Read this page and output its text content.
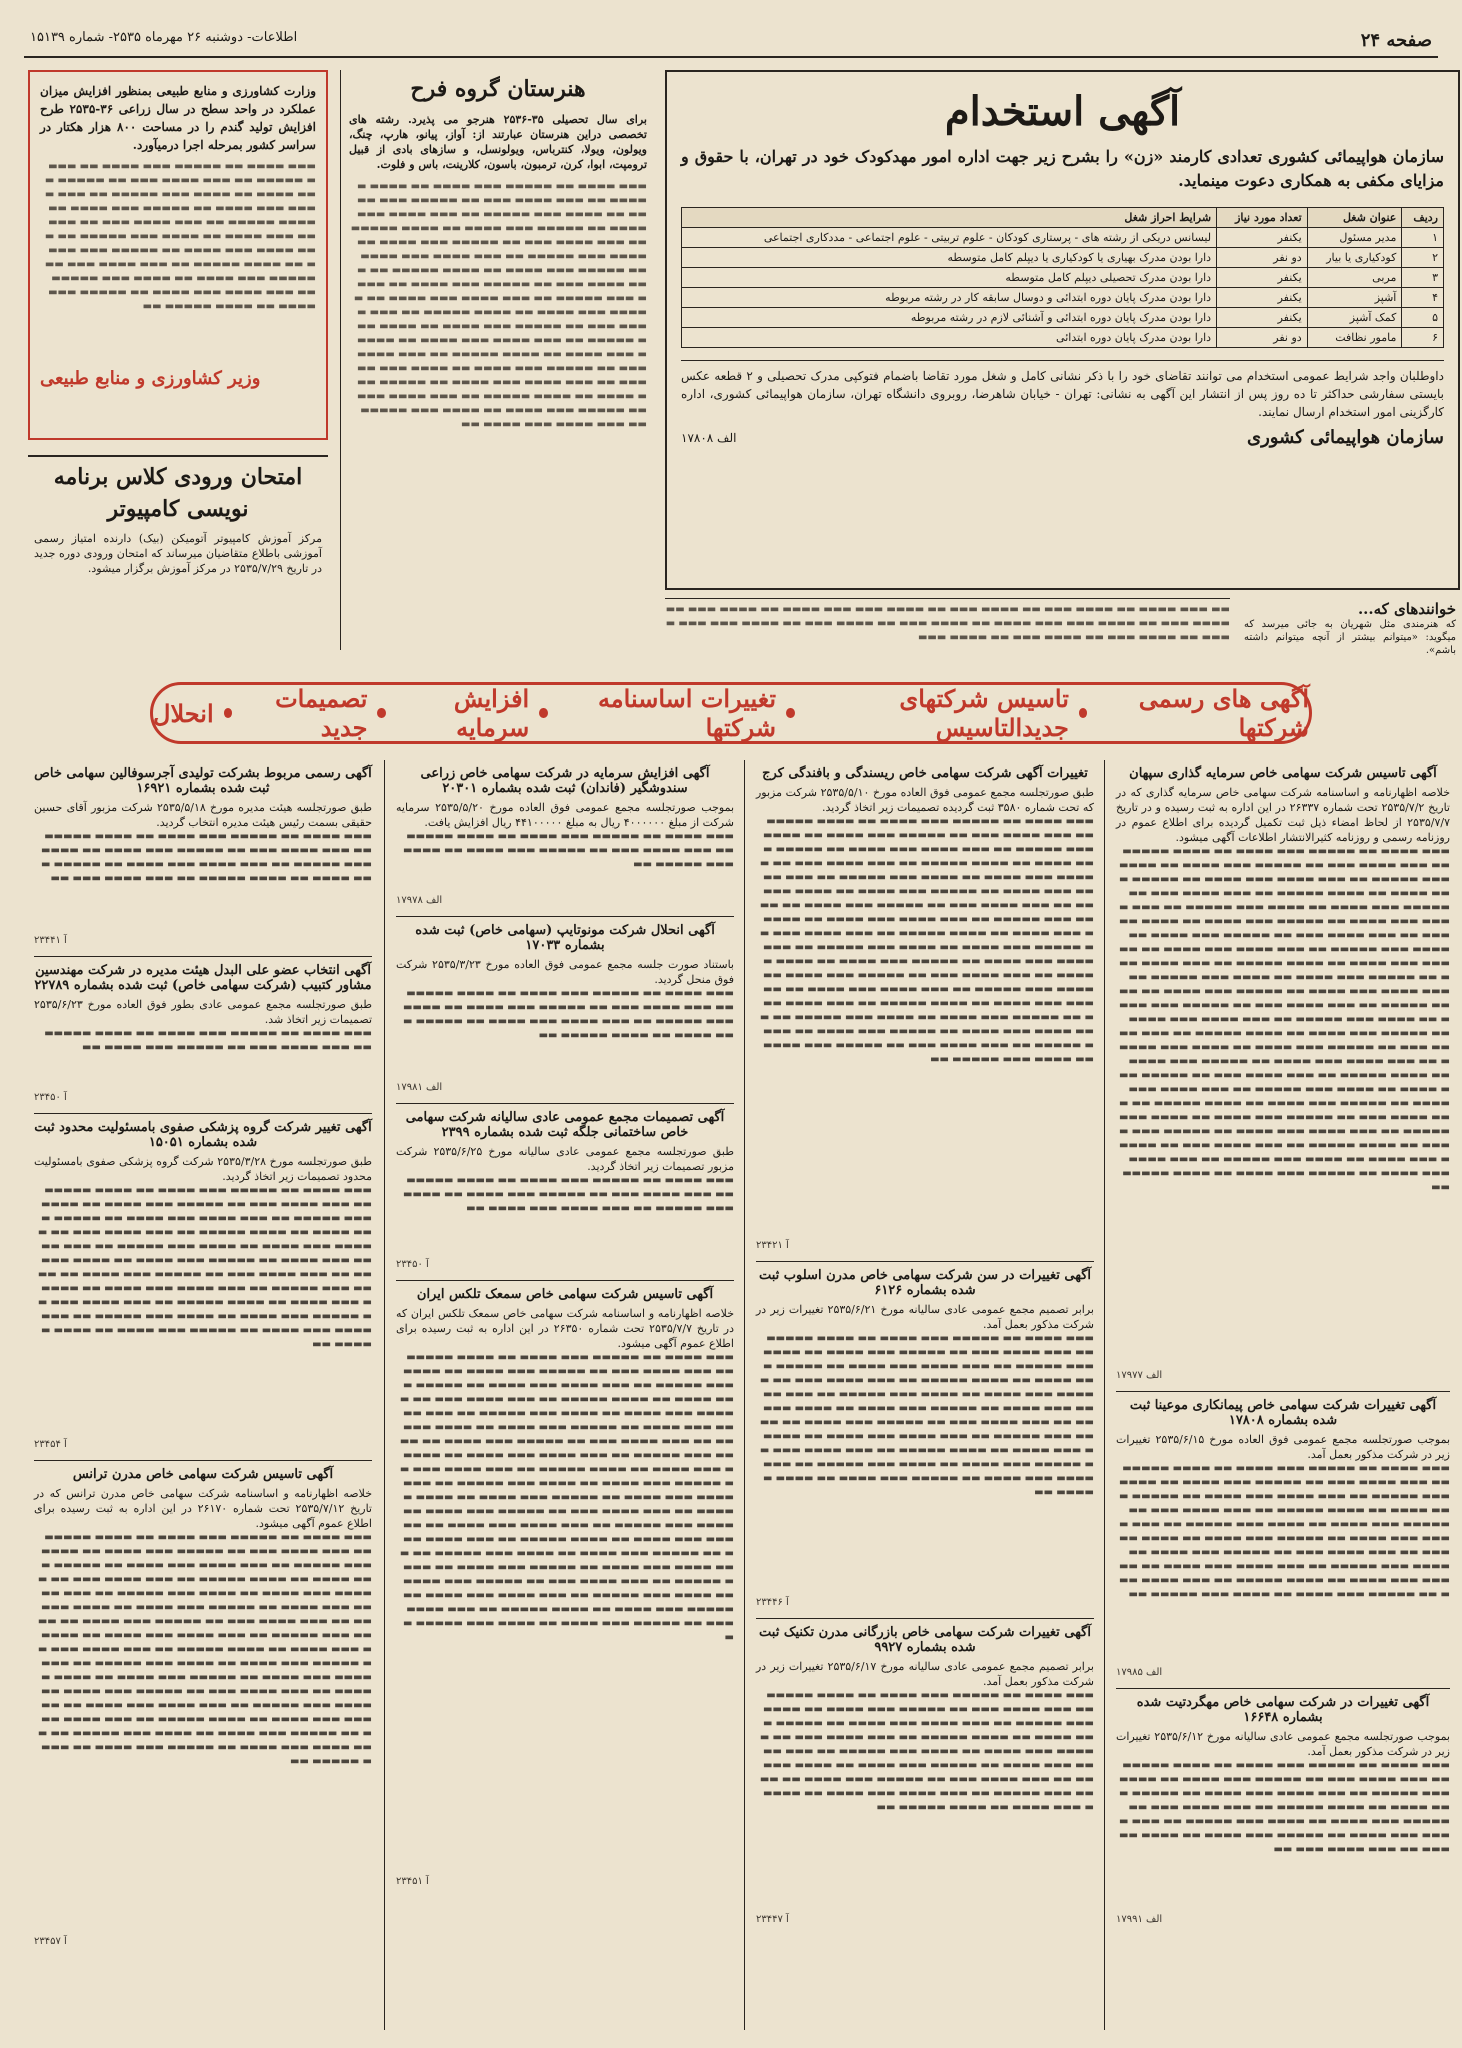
صفحه ۲۴
اطلاعات- دوشنبه ۲۶ مهرماه ۲۵۳۵- شماره ۱۵۱۳۹
آگهی استخدام
سازمان هواپیمائی کشوری تعدادی کارمند «زن» را بشرح زیر جهت اداره امور مهدکودک خود در تهران، با حقوق و مزایای مکفی به همکاری دعوت مینماید.
ردیف	عنوان شغل	تعداد مورد نیاز	شرایط احراز شغل
۱	مدیر مسئول	یکنفر	لیسانس دریکی از رشته های - پرستاری کودکان - علوم تربیتی - علوم اجتماعی - مددکاری اجتماعی
۲	کودکیاری یا بیار	دو نفر	دارا بودن مدرک بهیاری یا کودکیاری یا دیپلم کامل متوسطه
۳	مربی	یکنفر	دارا بودن مدرک تحصیلی دیپلم کامل متوسطه
۴	آشپز	یکنفر	دارا بودن مدرک پایان دوره ابتدائی و دوسال سابقه کار در رشته مربوطه
۵	کمک آشپز	یکنفر	دارا بودن مدرک پایان دوره ابتدائی و آشنائی لازم در رشته مربوطه
۶	مامور نظافت	دو نفر	دارا بودن مدرک پایان دوره ابتدائی
داوطلبان واجد شرایط عمومی استخدام می توانند تقاضای خود را با ذکر نشانی کامل و شغل مورد تقاضا باضمام فتوکپی مدرک تحصیلی و ۲ قطعه عکس بایستی سفارشی حداکثر تا ده روز پس از انتشار این آگهی به نشانی: تهران - خیابان شاهرضا، روبروی دانشگاه تهران، سازمان هواپیمائی کشوری، اداره کارگزینی امور استخدام ارسال نمایند.
سازمان هواپیمائی کشوری
الف ۱۷۸۰۸
هنرستان گروه فرح
برای سال تحصیلی ۳۵-۲۵۳۶ هنرجو می پذیرد. رشته های تخصصی دراین هنرستان عبارتند از: آواز، پیانو، هارپ، چنگ، ویولون، ویولا، کنترباس، ویولونسل، و سازهای بادی از قبیل ترومپت، ابوا، کرن، ترمبون، باسون، کلارینت، باس و فلوت.
▬▬▬ ▬▬▬▬ ▬▬ ▬▬▬▬▬ ▬▬▬ ▬▬▬▬ ▬▬ ▬▬▬▬ ▬▬▬▬▬ ▬▬ ▬▬▬ ▬▬▬▬ ▬▬▬ ▬▬ ▬▬▬▬▬ ▬▬▬ ▬▬▬▬ ▬▬ ▬▬▬▬ ▬▬▬ ▬▬▬▬▬ ▬▬ ▬▬▬ ▬▬▬▬ ▬▬▬ ▬▬▬▬ ▬▬ ▬▬▬▬▬ ▬▬▬ ▬▬▬▬ ▬▬ ▬▬▬▬ ▬▬▬▬▬ ▬▬ ▬▬▬ ▬▬▬▬ ▬▬▬ ▬▬ ▬▬▬▬▬ ▬▬▬ ▬▬▬▬ ▬▬ ▬▬▬▬ ▬▬▬ ▬▬▬▬▬ ▬▬ ▬▬▬ ▬▬▬▬ ▬▬▬ ▬▬▬▬ ▬▬ ▬▬▬▬▬ ▬▬▬ ▬▬▬▬ ▬▬ ▬▬▬▬ ▬▬▬▬▬ ▬▬ ▬▬▬ ▬▬▬▬ ▬▬▬ ▬▬ ▬▬▬▬▬ ▬▬▬ ▬▬▬▬ ▬▬ ▬▬▬▬ ▬▬▬ ▬▬▬▬▬ ▬▬ ▬▬▬ ▬▬▬▬ ▬▬▬ ▬▬▬▬ ▬▬ ▬▬▬▬▬ ▬▬▬ ▬▬▬▬ ▬▬ ▬▬▬▬ ▬▬▬▬▬ ▬▬ ▬▬▬ ▬▬▬▬ ▬▬▬ ▬▬ ▬▬▬▬▬ ▬▬▬ ▬▬▬▬ ▬▬ ▬▬▬▬ ▬▬▬ ▬▬▬▬▬ ▬▬ ▬▬▬ ▬▬▬▬ ▬▬▬ ▬▬▬▬ ▬▬ ▬▬▬▬▬ ▬▬▬ ▬▬▬▬ ▬▬ ▬▬▬▬ ▬▬▬▬▬ ▬▬ ▬▬▬ ▬▬▬▬ ▬▬▬ ▬▬ ▬▬▬▬▬ ▬▬▬ ▬▬▬▬ ▬▬ ▬▬▬▬ ▬▬▬ ▬▬▬▬▬ ▬▬ ▬▬▬ ▬▬▬▬ ▬▬▬ ▬▬▬▬ ▬▬ ▬▬▬▬▬ ▬▬▬ ▬▬▬▬ ▬▬ ▬▬▬▬ ▬▬▬▬▬ ▬▬ ▬▬▬ ▬▬▬▬ ▬▬▬ ▬▬ ▬▬▬▬▬ ▬▬▬ ▬▬▬▬ ▬▬ ▬▬▬▬ ▬▬▬ ▬▬▬▬▬ ▬▬ ▬▬▬ ▬▬▬▬ ▬▬▬ ▬▬▬▬ ▬▬
وزارت کشاورزی و منابع طبیعی بمنظور افزایش میزان عملکرد در واحد سطح در سال زراعی ۳۶-۲۵۳۵ طرح افزایش تولید گندم را در مساحت ۸۰۰ هزار هکتار در سراسر کشور بمرحله اجرا درمیآورد.
▬▬▬ ▬▬▬▬ ▬▬ ▬▬▬▬▬ ▬▬▬ ▬▬▬▬ ▬▬ ▬▬▬▬ ▬▬▬▬▬ ▬▬ ▬▬▬ ▬▬▬▬ ▬▬▬ ▬▬ ▬▬▬▬▬ ▬▬▬ ▬▬▬▬ ▬▬ ▬▬▬▬ ▬▬▬ ▬▬▬▬▬ ▬▬ ▬▬▬ ▬▬▬▬ ▬▬▬ ▬▬▬▬ ▬▬ ▬▬▬▬▬ ▬▬▬ ▬▬▬▬ ▬▬ ▬▬▬▬ ▬▬▬▬▬ ▬▬ ▬▬▬ ▬▬▬▬ ▬▬▬ ▬▬ ▬▬▬▬▬ ▬▬▬ ▬▬▬▬ ▬▬ ▬▬▬▬ ▬▬▬ ▬▬▬▬▬ ▬▬ ▬▬▬ ▬▬▬▬ ▬▬▬ ▬▬▬▬ ▬▬ ▬▬▬▬▬ ▬▬▬ ▬▬▬▬ ▬▬ ▬▬▬▬ ▬▬▬▬▬ ▬▬ ▬▬▬ ▬▬▬▬ ▬▬▬ ▬▬ ▬▬▬▬▬ ▬▬▬ ▬▬▬▬ ▬▬ ▬▬▬▬ ▬▬▬ ▬▬▬▬▬ ▬▬ ▬▬▬ ▬▬▬▬ ▬▬▬ ▬▬▬▬ ▬▬ ▬▬▬▬▬ ▬▬▬ ▬▬▬▬ ▬▬ ▬▬▬▬ ▬▬▬▬▬ ▬▬
وزیر کشاورزی و منابع طبیعی
امتحان ورودی کلاس برنامه نویسی کامپیوتر
مرکز آموزش کامپیوتر آتومیکن (بیک) دارنده امتیاز رسمی آموزشی باطلاع متقاضیان میرساند که امتحان ورودی دوره جدید در تاریخ ۲۵۳۵/۷/۲۹ در مرکز آموزش برگزار میشود.
خوانندهای که...
که هنرمندی مثل شهریان به جائی میرسد که میگوید: «میتوانم بیشتر از آنچه میتوانم داشته باشم».
▬▬ ▬▬▬ ▬▬▬▬ ▬▬ ▬▬▬▬ ▬▬▬ ▬▬ ▬▬▬▬ ▬▬▬ ▬▬ ▬▬▬▬ ▬▬▬ ▬▬▬ ▬▬▬▬ ▬▬ ▬▬▬▬ ▬▬▬ ▬▬ ▬▬▬▬ ▬▬▬ ▬▬ ▬▬▬▬ ▬▬▬ ▬▬▬ ▬▬▬▬ ▬▬ ▬▬▬▬ ▬▬▬ ▬▬ ▬▬▬▬ ▬▬▬ ▬▬ ▬▬▬▬ ▬▬▬ ▬▬▬ ▬▬▬▬ ▬▬ ▬▬▬▬ ▬▬▬ ▬▬ ▬▬▬▬ ▬▬▬ ▬▬ ▬▬▬▬ ▬▬▬
آگهی های رسمی شرکتها
تاسیس شرکتهای جدیدالتاسیس
تغییرات اساسنامه شرکتها
افزایش سرمایه
تصمیمات جدید
انحلال
آگهی تاسیس شرکت سهامی خاص سرمایه گذاری سپهان
خلاصه اظهارنامه و اساسنامه شرکت سهامی خاص سرمایه گذاری که در تاریخ ۲۵۳۵/۷/۲ تحت شماره ۲۶۳۳۷ در این اداره به ثبت رسیده و در تاریخ ۲۵۳۵/۷/۷ از لحاظ امضاء ذیل ثبت تکمیل گردیده برای اطلاع عموم در روزنامه رسمی و روزنامه کثیرالانتشار اطلاعات آگهی میشود.
▬▬▬ ▬▬▬▬ ▬▬ ▬▬▬▬▬ ▬▬▬ ▬▬▬▬ ▬▬ ▬▬▬▬ ▬▬▬▬▬ ▬▬ ▬▬▬ ▬▬▬▬ ▬▬▬ ▬▬ ▬▬▬▬▬ ▬▬▬ ▬▬▬▬ ▬▬ ▬▬▬▬ ▬▬▬ ▬▬▬▬▬ ▬▬ ▬▬▬ ▬▬▬▬ ▬▬▬ ▬▬▬▬ ▬▬ ▬▬▬▬▬ ▬▬▬ ▬▬▬▬ ▬▬ ▬▬▬▬ ▬▬▬▬▬ ▬▬ ▬▬▬ ▬▬▬▬ ▬▬▬ ▬▬ ▬▬▬▬▬ ▬▬▬ ▬▬▬▬ ▬▬ ▬▬▬▬ ▬▬▬ ▬▬▬▬▬ ▬▬ ▬▬▬ ▬▬▬▬ ▬▬▬ ▬▬▬▬ ▬▬ ▬▬▬▬▬ ▬▬▬ ▬▬▬▬ ▬▬ ▬▬▬▬ ▬▬▬▬▬ ▬▬ ▬▬▬ ▬▬▬▬ ▬▬▬ ▬▬ ▬▬▬▬▬ ▬▬▬ ▬▬▬▬ ▬▬ ▬▬▬▬ ▬▬▬ ▬▬▬▬▬ ▬▬ ▬▬▬ ▬▬▬▬ ▬▬▬ ▬▬▬▬ ▬▬ ▬▬▬▬▬ ▬▬▬ ▬▬▬▬ ▬▬ ▬▬▬▬ ▬▬▬▬▬ ▬▬ ▬▬▬ ▬▬▬▬ ▬▬▬ ▬▬ ▬▬▬▬▬ ▬▬▬ ▬▬▬▬ ▬▬ ▬▬▬▬ ▬▬▬ ▬▬▬▬▬ ▬▬ ▬▬▬ ▬▬▬▬ ▬▬▬ ▬▬▬▬ ▬▬ ▬▬▬▬▬ ▬▬▬ ▬▬▬▬ ▬▬ ▬▬▬▬ ▬▬▬▬▬ ▬▬ ▬▬▬ ▬▬▬▬ ▬▬▬ ▬▬ ▬▬▬▬▬ ▬▬▬ ▬▬▬▬ ▬▬ ▬▬▬▬ ▬▬▬ ▬▬▬▬▬ ▬▬ ▬▬▬ ▬▬▬▬ ▬▬▬ ▬▬▬▬ ▬▬ ▬▬▬▬▬ ▬▬▬ ▬▬▬▬ ▬▬ ▬▬▬▬ ▬▬▬▬▬ ▬▬ ▬▬▬ ▬▬▬▬ ▬▬▬ ▬▬ ▬▬▬▬▬ ▬▬▬ ▬▬▬▬ ▬▬ ▬▬▬▬ ▬▬▬ ▬▬▬▬▬ ▬▬ ▬▬▬ ▬▬▬▬ ▬▬▬ ▬▬▬▬ ▬▬ ▬▬▬▬▬ ▬▬▬ ▬▬▬▬ ▬▬ ▬▬▬▬ ▬▬▬▬▬ ▬▬ ▬▬▬ ▬▬▬▬ ▬▬▬ ▬▬ ▬▬▬▬▬ ▬▬▬ ▬▬▬▬ ▬▬ ▬▬▬▬ ▬▬▬ ▬▬▬▬▬ ▬▬ ▬▬▬ ▬▬▬▬ ▬▬▬ ▬▬▬▬ ▬▬ ▬▬▬▬▬ ▬▬▬ ▬▬▬▬ ▬▬ ▬▬▬▬ ▬▬▬▬▬ ▬▬ ▬▬▬ ▬▬▬▬ ▬▬▬ ▬▬ ▬▬▬▬▬ ▬▬▬ ▬▬▬▬ ▬▬ ▬▬▬▬ ▬▬▬ ▬▬▬▬▬ ▬▬ ▬▬▬ ▬▬▬▬ ▬▬▬ ▬▬▬▬ ▬▬ ▬▬▬▬▬ ▬▬▬ ▬▬▬▬ ▬▬ ▬▬▬▬ ▬▬▬▬▬ ▬▬ ▬▬▬ ▬▬▬▬ ▬▬▬ ▬▬ ▬▬▬▬▬ ▬▬▬ ▬▬▬▬ ▬▬ ▬▬▬▬ ▬▬▬ ▬▬▬▬▬ ▬▬ ▬▬▬ ▬▬▬▬ ▬▬▬ ▬▬▬▬ ▬▬ ▬▬▬▬▬ ▬▬▬ ▬▬▬▬ ▬▬ ▬▬▬▬ ▬▬▬▬▬ ▬▬
الف ۱۷۹۷۷
آگهی تغییرات شرکت سهامی خاص پیمانکاری موعینا ثبت شده بشماره ۱۷۸۰۸
بموجب صورتجلسه مجمع عمومی فوق العاده مورخ ۲۵۳۵/۶/۱۵ تغییرات زیر در شرکت مذکور بعمل آمد.
▬▬▬ ▬▬▬▬ ▬▬ ▬▬▬▬▬ ▬▬▬ ▬▬▬▬ ▬▬ ▬▬▬▬ ▬▬▬▬▬ ▬▬ ▬▬▬ ▬▬▬▬ ▬▬▬ ▬▬ ▬▬▬▬▬ ▬▬▬ ▬▬▬▬ ▬▬ ▬▬▬▬ ▬▬▬ ▬▬▬▬▬ ▬▬ ▬▬▬ ▬▬▬▬ ▬▬▬ ▬▬▬▬ ▬▬ ▬▬▬▬▬ ▬▬▬ ▬▬▬▬ ▬▬ ▬▬▬▬ ▬▬▬▬▬ ▬▬ ▬▬▬ ▬▬▬▬ ▬▬▬ ▬▬ ▬▬▬▬▬ ▬▬▬ ▬▬▬▬ ▬▬ ▬▬▬▬ ▬▬▬ ▬▬▬▬▬ ▬▬ ▬▬▬ ▬▬▬▬ ▬▬▬ ▬▬▬▬ ▬▬ ▬▬▬▬▬ ▬▬▬ ▬▬▬▬ ▬▬ ▬▬▬▬ ▬▬▬▬▬ ▬▬ ▬▬▬ ▬▬▬▬ ▬▬▬ ▬▬ ▬▬▬▬▬ ▬▬▬ ▬▬▬▬ ▬▬ ▬▬▬▬ ▬▬▬ ▬▬▬▬▬ ▬▬ ▬▬▬ ▬▬▬▬ ▬▬▬ ▬▬▬▬ ▬▬ ▬▬▬▬▬ ▬▬▬ ▬▬▬▬ ▬▬ ▬▬▬▬ ▬▬▬▬▬ ▬▬ ▬▬▬ ▬▬▬▬ ▬▬▬ ▬▬ ▬▬▬▬▬ ▬▬▬ ▬▬▬▬ ▬▬ ▬▬▬▬ ▬▬▬ ▬▬▬▬▬ ▬▬
الف ۱۷۹۸۵
آگهی تغییرات در شرکت سهامی خاص مهگردتیت شده بشماره ۱۶۶۴۸
بموجب صورتجلسه مجمع عمومی عادی سالیانه مورخ ۲۵۳۵/۶/۱۲ تغییرات زیر در شرکت مذکور بعمل آمد.
▬▬▬ ▬▬▬▬ ▬▬ ▬▬▬▬▬ ▬▬▬ ▬▬▬▬ ▬▬ ▬▬▬▬ ▬▬▬▬▬ ▬▬ ▬▬▬ ▬▬▬▬ ▬▬▬ ▬▬ ▬▬▬▬▬ ▬▬▬ ▬▬▬▬ ▬▬ ▬▬▬▬ ▬▬▬ ▬▬▬▬▬ ▬▬ ▬▬▬ ▬▬▬▬ ▬▬▬ ▬▬▬▬ ▬▬ ▬▬▬▬▬ ▬▬▬ ▬▬▬▬ ▬▬ ▬▬▬▬ ▬▬▬▬▬ ▬▬ ▬▬▬ ▬▬▬▬ ▬▬▬ ▬▬ ▬▬▬▬▬ ▬▬▬ ▬▬▬▬ ▬▬ ▬▬▬▬ ▬▬▬ ▬▬▬▬▬ ▬▬ ▬▬▬ ▬▬▬▬ ▬▬▬ ▬▬▬▬ ▬▬ ▬▬▬▬▬ ▬▬▬ ▬▬▬▬ ▬▬ ▬▬▬▬ ▬▬▬▬▬ ▬▬ ▬▬▬ ▬▬▬▬ ▬▬▬ ▬▬
الف ۱۷۹۹۱
تغییرات آگهی شرکت سهامی خاص ریسندگی و بافندگی کرج
طبق صورتجلسه مجمع عمومی فوق العاده مورخ ۲۵۳۵/۵/۱۰ شرکت مزبور که تحت شماره ۳۵۸۰ ثبت گردیده تصمیمات زیر اتخاذ گردید.
▬▬▬ ▬▬▬▬ ▬▬ ▬▬▬▬▬ ▬▬▬ ▬▬▬▬ ▬▬ ▬▬▬▬ ▬▬▬▬▬ ▬▬ ▬▬▬ ▬▬▬▬ ▬▬▬ ▬▬ ▬▬▬▬▬ ▬▬▬ ▬▬▬▬ ▬▬ ▬▬▬▬ ▬▬▬ ▬▬▬▬▬ ▬▬ ▬▬▬ ▬▬▬▬ ▬▬▬ ▬▬▬▬ ▬▬ ▬▬▬▬▬ ▬▬▬ ▬▬▬▬ ▬▬ ▬▬▬▬ ▬▬▬▬▬ ▬▬ ▬▬▬ ▬▬▬▬ ▬▬▬ ▬▬ ▬▬▬▬▬ ▬▬▬ ▬▬▬▬ ▬▬ ▬▬▬▬ ▬▬▬ ▬▬▬▬▬ ▬▬ ▬▬▬ ▬▬▬▬ ▬▬▬ ▬▬▬▬ ▬▬ ▬▬▬▬▬ ▬▬▬ ▬▬▬▬ ▬▬ ▬▬▬▬ ▬▬▬▬▬ ▬▬ ▬▬▬ ▬▬▬▬ ▬▬▬ ▬▬ ▬▬▬▬▬ ▬▬▬ ▬▬▬▬ ▬▬ ▬▬▬▬ ▬▬▬ ▬▬▬▬▬ ▬▬ ▬▬▬ ▬▬▬▬ ▬▬▬ ▬▬▬▬ ▬▬ ▬▬▬▬▬ ▬▬▬ ▬▬▬▬ ▬▬ ▬▬▬▬ ▬▬▬▬▬ ▬▬ ▬▬▬ ▬▬▬▬ ▬▬▬ ▬▬ ▬▬▬▬▬ ▬▬▬ ▬▬▬▬ ▬▬ ▬▬▬▬ ▬▬▬ ▬▬▬▬▬ ▬▬ ▬▬▬ ▬▬▬▬ ▬▬▬ ▬▬▬▬ ▬▬ ▬▬▬▬▬ ▬▬▬ ▬▬▬▬ ▬▬ ▬▬▬▬ ▬▬▬▬▬ ▬▬ ▬▬▬ ▬▬▬▬ ▬▬▬ ▬▬ ▬▬▬▬▬ ▬▬▬ ▬▬▬▬ ▬▬ ▬▬▬▬ ▬▬▬ ▬▬▬▬▬ ▬▬ ▬▬▬ ▬▬▬▬ ▬▬▬ ▬▬▬▬ ▬▬ ▬▬▬▬▬ ▬▬▬ ▬▬▬▬ ▬▬ ▬▬▬▬ ▬▬▬▬▬ ▬▬ ▬▬▬ ▬▬▬▬ ▬▬▬ ▬▬ ▬▬▬▬▬ ▬▬▬ ▬▬▬▬ ▬▬ ▬▬▬▬ ▬▬▬ ▬▬▬▬▬ ▬▬ ▬▬▬ ▬▬▬▬ ▬▬▬ ▬▬▬▬ ▬▬ ▬▬▬▬▬ ▬▬▬ ▬▬▬▬ ▬▬ ▬▬▬▬ ▬▬▬▬▬ ▬▬ ▬▬▬ ▬▬▬▬ ▬▬▬ ▬▬ ▬▬▬▬▬ ▬▬▬ ▬▬▬▬ ▬▬ ▬▬▬▬ ▬▬▬ ▬▬▬▬▬ ▬▬
آ ۲۳۴۲۱
آگهی تغییرات در سن شرکت سهامی خاص مدرن اسلوب ثبت شده بشماره ۶۱۲۶
برابر تصمیم مجمع عمومی عادی سالیانه مورخ ۲۵۳۵/۶/۲۱ تغییرات زیر در شرکت مذکور بعمل آمد.
▬▬▬ ▬▬▬▬ ▬▬ ▬▬▬▬▬ ▬▬▬ ▬▬▬▬ ▬▬ ▬▬▬▬ ▬▬▬▬▬ ▬▬ ▬▬▬ ▬▬▬▬ ▬▬▬ ▬▬ ▬▬▬▬▬ ▬▬▬ ▬▬▬▬ ▬▬ ▬▬▬▬ ▬▬▬ ▬▬▬▬▬ ▬▬ ▬▬▬ ▬▬▬▬ ▬▬▬ ▬▬▬▬ ▬▬ ▬▬▬▬▬ ▬▬▬ ▬▬▬▬ ▬▬ ▬▬▬▬ ▬▬▬▬▬ ▬▬ ▬▬▬ ▬▬▬▬ ▬▬▬ ▬▬ ▬▬▬▬▬ ▬▬▬ ▬▬▬▬ ▬▬ ▬▬▬▬ ▬▬▬ ▬▬▬▬▬ ▬▬ ▬▬▬ ▬▬▬▬ ▬▬▬ ▬▬▬▬ ▬▬ ▬▬▬▬▬ ▬▬▬ ▬▬▬▬ ▬▬ ▬▬▬▬ ▬▬▬▬▬ ▬▬ ▬▬▬ ▬▬▬▬ ▬▬▬ ▬▬ ▬▬▬▬▬ ▬▬▬ ▬▬▬▬ ▬▬ ▬▬▬▬ ▬▬▬ ▬▬▬▬▬ ▬▬ ▬▬▬ ▬▬▬▬ ▬▬▬ ▬▬▬▬ ▬▬ ▬▬▬▬▬ ▬▬▬ ▬▬▬▬ ▬▬ ▬▬▬▬ ▬▬▬▬▬ ▬▬ ▬▬▬ ▬▬▬▬ ▬▬▬ ▬▬ ▬▬▬▬▬ ▬▬▬ ▬▬▬▬ ▬▬ ▬▬▬▬ ▬▬▬ ▬▬▬▬▬ ▬▬ ▬▬▬ ▬▬▬▬ ▬▬▬ ▬▬▬▬ ▬▬ ▬▬▬▬▬ ▬▬▬ ▬▬▬▬ ▬▬ ▬▬▬▬ ▬▬▬▬▬ ▬▬
آ ۲۳۴۴۶
آگهی تغییرات شرکت سهامی خاص بازرگانی مدرن تکنیک ثبت شده بشماره ۹۹۲۷
برابر تصمیم مجمع عمومی عادی سالیانه مورخ ۲۵۳۵/۶/۱۷ تغییرات زیر در شرکت مذکور بعمل آمد.
▬▬▬ ▬▬▬▬ ▬▬ ▬▬▬▬▬ ▬▬▬ ▬▬▬▬ ▬▬ ▬▬▬▬ ▬▬▬▬▬ ▬▬ ▬▬▬ ▬▬▬▬ ▬▬▬ ▬▬ ▬▬▬▬▬ ▬▬▬ ▬▬▬▬ ▬▬ ▬▬▬▬ ▬▬▬ ▬▬▬▬▬ ▬▬ ▬▬▬ ▬▬▬▬ ▬▬▬ ▬▬▬▬ ▬▬ ▬▬▬▬▬ ▬▬▬ ▬▬▬▬ ▬▬ ▬▬▬▬ ▬▬▬▬▬ ▬▬ ▬▬▬ ▬▬▬▬ ▬▬▬ ▬▬ ▬▬▬▬▬ ▬▬▬ ▬▬▬▬ ▬▬ ▬▬▬▬ ▬▬▬ ▬▬▬▬▬ ▬▬ ▬▬▬ ▬▬▬▬ ▬▬▬ ▬▬▬▬ ▬▬ ▬▬▬▬▬ ▬▬▬ ▬▬▬▬ ▬▬ ▬▬▬▬ ▬▬▬▬▬ ▬▬ ▬▬▬ ▬▬▬▬ ▬▬▬ ▬▬ ▬▬▬▬▬ ▬▬▬ ▬▬▬▬ ▬▬ ▬▬▬▬ ▬▬▬ ▬▬▬▬▬ ▬▬ ▬▬▬ ▬▬▬▬ ▬▬▬ ▬▬▬▬ ▬▬ ▬▬▬▬▬ ▬▬▬ ▬▬▬▬ ▬▬ ▬▬▬▬ ▬▬▬▬▬ ▬▬
آ ۲۳۴۴۷
آگهی افزایش سرمایه در شرکت سهامی خاص زراعی سندوشگیر (فاندان) ثبت شده بشماره ۲۰۳۰۱
بموجب صورتجلسه مجمع عمومی فوق العاده مورخ ۲۵۳۵/۵/۲۰ سرمایه شرکت از مبلغ ۴۰۰۰۰۰۰ ریال به مبلغ ۴۴۱۰۰۰۰۰ ریال افزایش یافت.
▬▬▬ ▬▬▬▬ ▬▬ ▬▬▬▬▬ ▬▬▬ ▬▬▬▬ ▬▬ ▬▬▬▬ ▬▬▬▬▬ ▬▬ ▬▬▬ ▬▬▬▬ ▬▬▬ ▬▬ ▬▬▬▬▬ ▬▬▬ ▬▬▬▬ ▬▬ ▬▬▬▬ ▬▬▬ ▬▬▬▬▬ ▬▬
الف ۱۷۹۷۸
آگهی انحلال شرکت مونوتایپ (سهامی خاص) ثبت شده بشماره ۱۷۰۳۳
باستناد صورت جلسه مجمع عمومی فوق العاده مورخ ۲۵۳۵/۳/۲۳ شرکت فوق منحل گردید.
▬▬▬ ▬▬▬▬ ▬▬ ▬▬▬▬▬ ▬▬▬ ▬▬▬▬ ▬▬ ▬▬▬▬ ▬▬▬▬▬ ▬▬ ▬▬▬ ▬▬▬▬ ▬▬▬ ▬▬ ▬▬▬▬▬ ▬▬▬ ▬▬▬▬ ▬▬ ▬▬▬▬ ▬▬▬ ▬▬▬▬▬ ▬▬ ▬▬▬ ▬▬▬▬ ▬▬▬ ▬▬▬▬ ▬▬ ▬▬▬▬▬ ▬▬▬ ▬▬▬▬ ▬▬ ▬▬▬▬ ▬▬▬▬▬ ▬▬
الف ۱۷۹۸۱
آگهی تصمیمات مجمع عمومی عادی سالیانه شرکت سهامی خاص ساختمانی جلگه ثبت شده بشماره ۲۳۹۹
طبق صورتجلسه مجمع عمومی عادی سالیانه مورخ ۲۵۳۵/۶/۲۵ شرکت مزبور تصمیمات زیر اتخاذ گردید.
▬▬▬ ▬▬▬▬ ▬▬ ▬▬▬▬▬ ▬▬▬ ▬▬▬▬ ▬▬ ▬▬▬▬ ▬▬▬▬▬ ▬▬ ▬▬▬ ▬▬▬▬ ▬▬▬ ▬▬ ▬▬▬▬▬ ▬▬▬ ▬▬▬▬ ▬▬ ▬▬▬▬ ▬▬▬ ▬▬▬▬▬ ▬▬ ▬▬▬ ▬▬▬▬ ▬▬▬ ▬▬▬▬ ▬▬
آ ۲۳۴۵۰
آگهی تاسیس شرکت سهامی خاص سمعک تلکس ایران
خلاصه اظهارنامه و اساسنامه شرکت سهامی خاص سمعک تلکس ایران که در تاریخ ۲۵۳۵/۷/۷ تحت شماره ۲۶۳۵۰ در این اداره به ثبت رسیده برای اطلاع عموم آگهی میشود.
▬▬▬ ▬▬▬▬ ▬▬ ▬▬▬▬▬ ▬▬▬ ▬▬▬▬ ▬▬ ▬▬▬▬ ▬▬▬▬▬ ▬▬ ▬▬▬ ▬▬▬▬ ▬▬▬ ▬▬ ▬▬▬▬▬ ▬▬▬ ▬▬▬▬ ▬▬ ▬▬▬▬ ▬▬▬ ▬▬▬▬▬ ▬▬ ▬▬▬ ▬▬▬▬ ▬▬▬ ▬▬▬▬ ▬▬ ▬▬▬▬▬ ▬▬▬ ▬▬▬▬ ▬▬ ▬▬▬▬ ▬▬▬▬▬ ▬▬ ▬▬▬ ▬▬▬▬ ▬▬▬ ▬▬ ▬▬▬▬▬ ▬▬▬ ▬▬▬▬ ▬▬ ▬▬▬▬ ▬▬▬ ▬▬▬▬▬ ▬▬ ▬▬▬ ▬▬▬▬ ▬▬▬ ▬▬▬▬ ▬▬ ▬▬▬▬▬ ▬▬▬ ▬▬▬▬ ▬▬ ▬▬▬▬ ▬▬▬▬▬ ▬▬ ▬▬▬ ▬▬▬▬ ▬▬▬ ▬▬ ▬▬▬▬▬ ▬▬▬ ▬▬▬▬ ▬▬ ▬▬▬▬ ▬▬▬ ▬▬▬▬▬ ▬▬ ▬▬▬ ▬▬▬▬ ▬▬▬ ▬▬▬▬ ▬▬ ▬▬▬▬▬ ▬▬▬ ▬▬▬▬ ▬▬ ▬▬▬▬ ▬▬▬▬▬ ▬▬ ▬▬▬ ▬▬▬▬ ▬▬▬ ▬▬ ▬▬▬▬▬ ▬▬▬ ▬▬▬▬ ▬▬ ▬▬▬▬ ▬▬▬ ▬▬▬▬▬ ▬▬ ▬▬▬ ▬▬▬▬ ▬▬▬ ▬▬▬▬ ▬▬ ▬▬▬▬▬ ▬▬▬ ▬▬▬▬ ▬▬ ▬▬▬▬ ▬▬▬▬▬ ▬▬ ▬▬▬ ▬▬▬▬ ▬▬▬ ▬▬ ▬▬▬▬▬ ▬▬▬ ▬▬▬▬ ▬▬ ▬▬▬▬ ▬▬▬ ▬▬▬▬▬ ▬▬ ▬▬▬ ▬▬▬▬ ▬▬▬ ▬▬▬▬ ▬▬ ▬▬▬▬▬ ▬▬▬ ▬▬▬▬ ▬▬ ▬▬▬▬ ▬▬▬▬▬ ▬▬ ▬▬▬ ▬▬▬▬ ▬▬▬ ▬▬ ▬▬▬▬▬ ▬▬▬ ▬▬▬▬ ▬▬ ▬▬▬▬ ▬▬▬ ▬▬▬▬▬ ▬▬ ▬▬▬ ▬▬▬▬ ▬▬▬ ▬▬▬▬ ▬▬ ▬▬▬▬▬ ▬▬▬ ▬▬▬▬ ▬▬ ▬▬▬▬ ▬▬▬▬▬ ▬▬ ▬▬▬ ▬▬▬▬ ▬▬▬ ▬▬ ▬▬▬▬▬ ▬▬▬ ▬▬▬▬ ▬▬ ▬▬▬▬ ▬▬▬ ▬▬▬▬▬ ▬▬ ▬▬▬ ▬▬▬▬ ▬▬▬ ▬▬▬▬ ▬▬ ▬▬▬▬▬ ▬▬▬ ▬▬▬▬ ▬▬ ▬▬▬▬ ▬▬▬▬▬ ▬▬ ▬▬▬ ▬▬▬▬ ▬▬▬ ▬▬ ▬▬▬▬▬ ▬▬▬ ▬▬▬▬ ▬▬ ▬▬▬▬ ▬▬▬ ▬▬▬▬▬ ▬▬
آ ۲۳۴۵۱
آگهی رسمی مربوط بشرکت تولیدی آجرسوفالین سهامی خاص ثبت شده بشماره ۱۶۹۲۱
طبق صورتجلسه هیئت مدیره مورخ ۲۵۳۵/۵/۱۸ شرکت مزبور آقای حسین حقیقی بسمت رئیس هیئت مدیره انتخاب گردید.
▬▬▬ ▬▬▬▬ ▬▬ ▬▬▬▬▬ ▬▬▬ ▬▬▬▬ ▬▬ ▬▬▬▬ ▬▬▬▬▬ ▬▬ ▬▬▬ ▬▬▬▬ ▬▬▬ ▬▬ ▬▬▬▬▬ ▬▬▬ ▬▬▬▬ ▬▬ ▬▬▬▬ ▬▬▬ ▬▬▬▬▬ ▬▬ ▬▬▬ ▬▬▬▬ ▬▬▬ ▬▬▬▬ ▬▬ ▬▬▬▬▬ ▬▬▬ ▬▬▬▬ ▬▬ ▬▬▬▬ ▬▬▬▬▬ ▬▬ ▬▬▬ ▬▬▬▬ ▬▬▬ ▬▬
آ ۲۳۴۴۱
آگهی انتخاب عضو علی البدل هیئت مدیره در شرکت مهندسین مشاور کتبیب (شرکت سهامی خاص) ثبت شده بشماره ۲۲۷۸۹
طبق صورتجلسه مجمع عمومی عادی بطور فوق العاده مورخ ۲۵۳۵/۶/۲۳ تصمیمات زیر اتخاذ شد.
▬▬▬ ▬▬▬▬ ▬▬ ▬▬▬▬▬ ▬▬▬ ▬▬▬▬ ▬▬ ▬▬▬▬ ▬▬▬▬▬ ▬▬ ▬▬▬ ▬▬▬▬ ▬▬▬ ▬▬ ▬▬▬▬▬ ▬▬▬ ▬▬▬▬ ▬▬
آ ۲۳۴۵۰
آگهی تغییر شرکت گروه پزشکی صفوی بامسئولیت محدود ثبت شده بشماره ۱۵۰۵۱
طبق صورتجلسه مورخ ۲۵۳۵/۳/۲۸ شرکت گروه پزشکی صفوی بامسئولیت محدود تصمیمات زیر اتخاذ گردید.
▬▬▬ ▬▬▬▬ ▬▬ ▬▬▬▬▬ ▬▬▬ ▬▬▬▬ ▬▬ ▬▬▬▬ ▬▬▬▬▬ ▬▬ ▬▬▬ ▬▬▬▬ ▬▬▬ ▬▬ ▬▬▬▬▬ ▬▬▬ ▬▬▬▬ ▬▬ ▬▬▬▬ ▬▬▬ ▬▬▬▬▬ ▬▬ ▬▬▬ ▬▬▬▬ ▬▬▬ ▬▬▬▬ ▬▬ ▬▬▬▬▬ ▬▬▬ ▬▬▬▬ ▬▬ ▬▬▬▬ ▬▬▬▬▬ ▬▬ ▬▬▬ ▬▬▬▬ ▬▬▬ ▬▬ ▬▬▬▬▬ ▬▬▬ ▬▬▬▬ ▬▬ ▬▬▬▬ ▬▬▬ ▬▬▬▬▬ ▬▬ ▬▬▬ ▬▬▬▬ ▬▬▬ ▬▬▬▬ ▬▬ ▬▬▬▬▬ ▬▬▬ ▬▬▬▬ ▬▬ ▬▬▬▬ ▬▬▬▬▬ ▬▬ ▬▬▬ ▬▬▬▬ ▬▬▬ ▬▬ ▬▬▬▬▬ ▬▬▬ ▬▬▬▬ ▬▬ ▬▬▬▬ ▬▬▬ ▬▬▬▬▬ ▬▬ ▬▬▬ ▬▬▬▬ ▬▬▬ ▬▬▬▬ ▬▬ ▬▬▬▬▬ ▬▬▬ ▬▬▬▬ ▬▬ ▬▬▬▬ ▬▬▬▬▬ ▬▬ ▬▬▬ ▬▬▬▬ ▬▬▬ ▬▬ ▬▬▬▬▬ ▬▬▬ ▬▬▬▬ ▬▬ ▬▬▬▬ ▬▬▬ ▬▬▬▬▬ ▬▬ ▬▬▬ ▬▬▬▬ ▬▬▬ ▬▬▬▬ ▬▬ ▬▬▬▬▬ ▬▬▬ ▬▬▬▬ ▬▬ ▬▬▬▬ ▬▬▬▬▬ ▬▬
آ ۲۳۴۵۴
آگهی تاسیس شرکت سهامی خاص مدرن ترانس
خلاصه اظهارنامه و اساسنامه شرکت سهامی خاص مدرن ترانس که در تاریخ ۲۵۳۵/۷/۱۲ تحت شماره ۲۶۱۷۰ در این اداره به ثبت رسیده برای اطلاع عموم آگهی میشود.
▬▬▬ ▬▬▬▬ ▬▬ ▬▬▬▬▬ ▬▬▬ ▬▬▬▬ ▬▬ ▬▬▬▬ ▬▬▬▬▬ ▬▬ ▬▬▬ ▬▬▬▬ ▬▬▬ ▬▬ ▬▬▬▬▬ ▬▬▬ ▬▬▬▬ ▬▬ ▬▬▬▬ ▬▬▬ ▬▬▬▬▬ ▬▬ ▬▬▬ ▬▬▬▬ ▬▬▬ ▬▬▬▬ ▬▬ ▬▬▬▬▬ ▬▬▬ ▬▬▬▬ ▬▬ ▬▬▬▬ ▬▬▬▬▬ ▬▬ ▬▬▬ ▬▬▬▬ ▬▬▬ ▬▬ ▬▬▬▬▬ ▬▬▬ ▬▬▬▬ ▬▬ ▬▬▬▬ ▬▬▬ ▬▬▬▬▬ ▬▬ ▬▬▬ ▬▬▬▬ ▬▬▬ ▬▬▬▬ ▬▬ ▬▬▬▬▬ ▬▬▬ ▬▬▬▬ ▬▬ ▬▬▬▬ ▬▬▬▬▬ ▬▬ ▬▬▬ ▬▬▬▬ ▬▬▬ ▬▬ ▬▬▬▬▬ ▬▬▬ ▬▬▬▬ ▬▬ ▬▬▬▬ ▬▬▬ ▬▬▬▬▬ ▬▬ ▬▬▬ ▬▬▬▬ ▬▬▬ ▬▬▬▬ ▬▬ ▬▬▬▬▬ ▬▬▬ ▬▬▬▬ ▬▬ ▬▬▬▬ ▬▬▬▬▬ ▬▬ ▬▬▬ ▬▬▬▬ ▬▬▬ ▬▬ ▬▬▬▬▬ ▬▬▬ ▬▬▬▬ ▬▬ ▬▬▬▬ ▬▬▬ ▬▬▬▬▬ ▬▬ ▬▬▬ ▬▬▬▬ ▬▬▬ ▬▬▬▬ ▬▬ ▬▬▬▬▬ ▬▬▬ ▬▬▬▬ ▬▬ ▬▬▬▬ ▬▬▬▬▬ ▬▬ ▬▬▬ ▬▬▬▬ ▬▬▬ ▬▬ ▬▬▬▬▬ ▬▬▬ ▬▬▬▬ ▬▬ ▬▬▬▬ ▬▬▬ ▬▬▬▬▬ ▬▬ ▬▬▬ ▬▬▬▬ ▬▬▬ ▬▬▬▬ ▬▬ ▬▬▬▬▬ ▬▬▬ ▬▬▬▬ ▬▬ ▬▬▬▬ ▬▬▬▬▬ ▬▬ ▬▬▬ ▬▬▬▬ ▬▬▬ ▬▬ ▬▬▬▬▬ ▬▬▬ ▬▬▬▬ ▬▬ ▬▬▬▬ ▬▬▬ ▬▬▬▬▬ ▬▬ ▬▬▬ ▬▬▬▬ ▬▬▬ ▬▬▬▬ ▬▬ ▬▬▬▬▬ ▬▬▬ ▬▬▬▬ ▬▬ ▬▬▬▬ ▬▬▬▬▬ ▬▬
آ ۲۳۴۵۷
